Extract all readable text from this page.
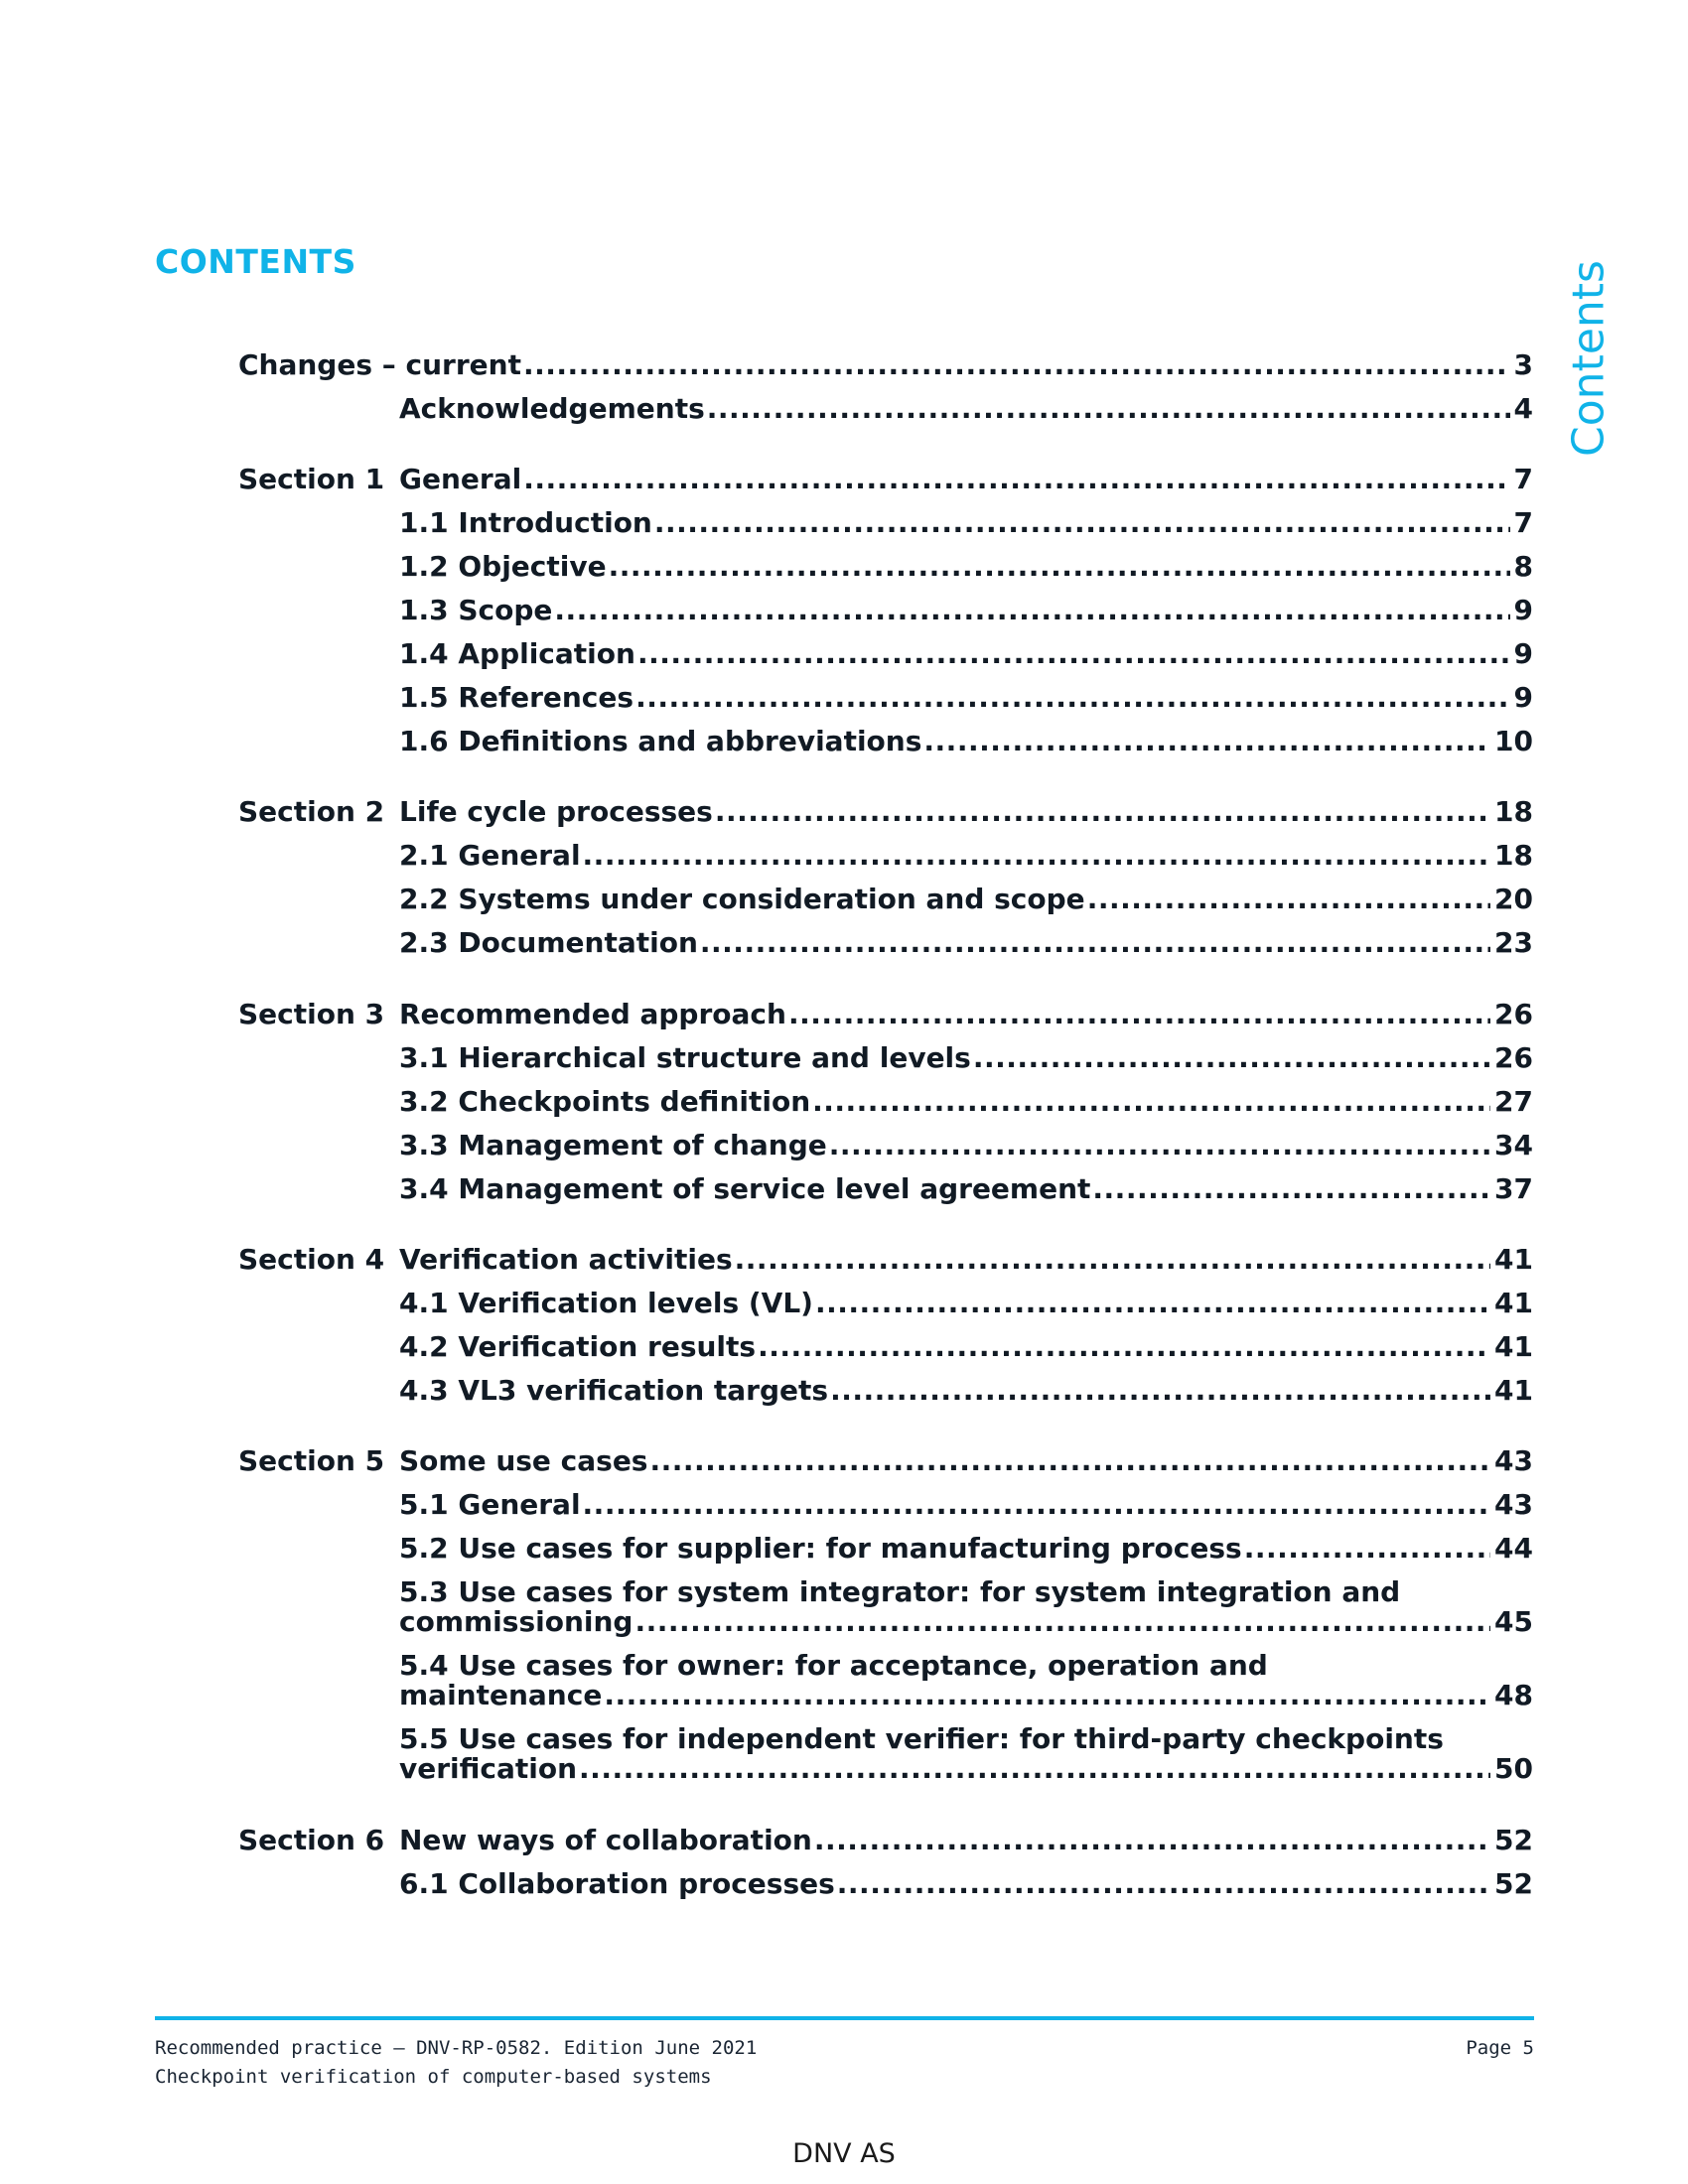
CONTENTS	Contents
Changes – current .....	3
Acknowledgements .....	4
Section 1 General .....	7
1.1 Introduction .....	7
1.2 Objective .....	8
1.3 Scope .....	9
1.4 Application .....	9
1.5 References .....	9
1.6 Definitions and abbreviations .....	10
Section 2 Life cycle processes .....	18
2.1 General .....	18
2.2 Systems under consideration and scope .....	20
2.3 Documentation .....	23
Section 3 Recommended approach .....	26
3.1 Hierarchical structure and levels .....	26
3.2 Checkpoints definition .....	27
3.3 Management of change .....	34
3.4 Management of service level agreement .....	37
Section 4 Verification activities .....	41
4.1 Verification levels (VL) .....	41
4.2 Verification results .....	41
4.3 VL3 verification targets .....	41
Section 5 Some use cases .....	43
5.1 General .....	43
5.2 Use cases for supplier: for manufacturing process .....	44
5.3 Use cases for system integrator: for system integration and
commissioning .....	45
5.4 Use cases for owner: for acceptance, operation and
maintenance .....	48
5.5 Use cases for independent verifier: for third-party checkpoints
verification .....	50
Section 6 New ways of collaboration .....	52
6.1 Collaboration processes .....	52
Recommended practice — DNV-RP-0582. Edition June 2021
Checkpoint verification of computer-based systems
Page 5
DNV AS
